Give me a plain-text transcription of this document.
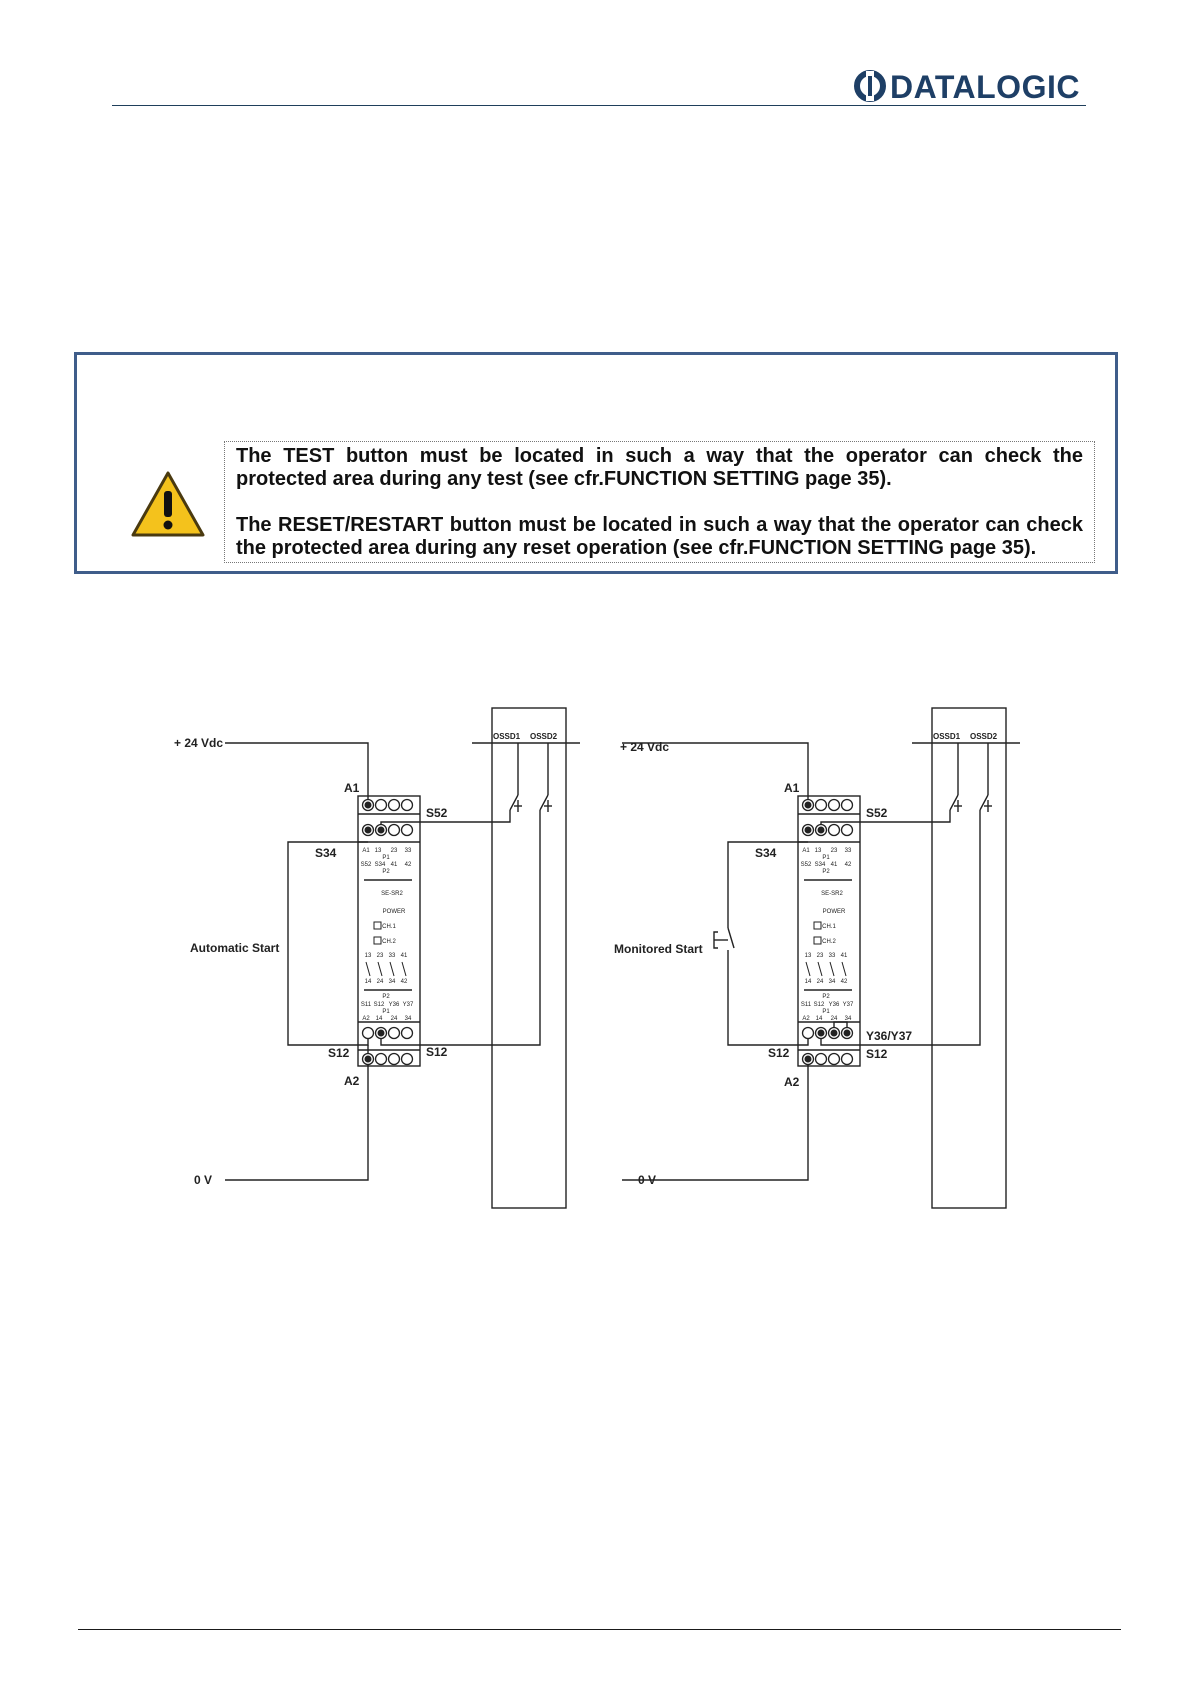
DATALOGIC

The TEST button must be located in such a way that the operator can check the protected area during any test (see cfr.FUNCTION SETTING page 35).

The RESET/RESTART button must be located in such a way that the operator can check the protected area during any reset operation (see cfr.FUNCTION SETTING page 35).

A1 13 23 33
P1
S52 S34 41 42
P2
SE-SR2
POWER
CH.1
CH.2
13 23 33 41
14 24 34 42
P2
S11 S12 Y36 Y37
P1
A2 14 24 34
+ 24 Vdc
A1
S52
S34
Automatic Start
S12	S12
A2
0 V
OSSD1 OSSD2
A1 13 23 33
P1
S52 S34 41 42
P2
SE-SR2
POWER
CH.1
CH.2
13 23 33 41
14 24 34 42
P2
S11 S12 Y36 Y37
P1
A2 14 24 34
+ 24 Vdc
A1
S52
S34
Monitored Start
Y36/Y37
S12	S12
A2
0 V
OSSD1 OSSD2
